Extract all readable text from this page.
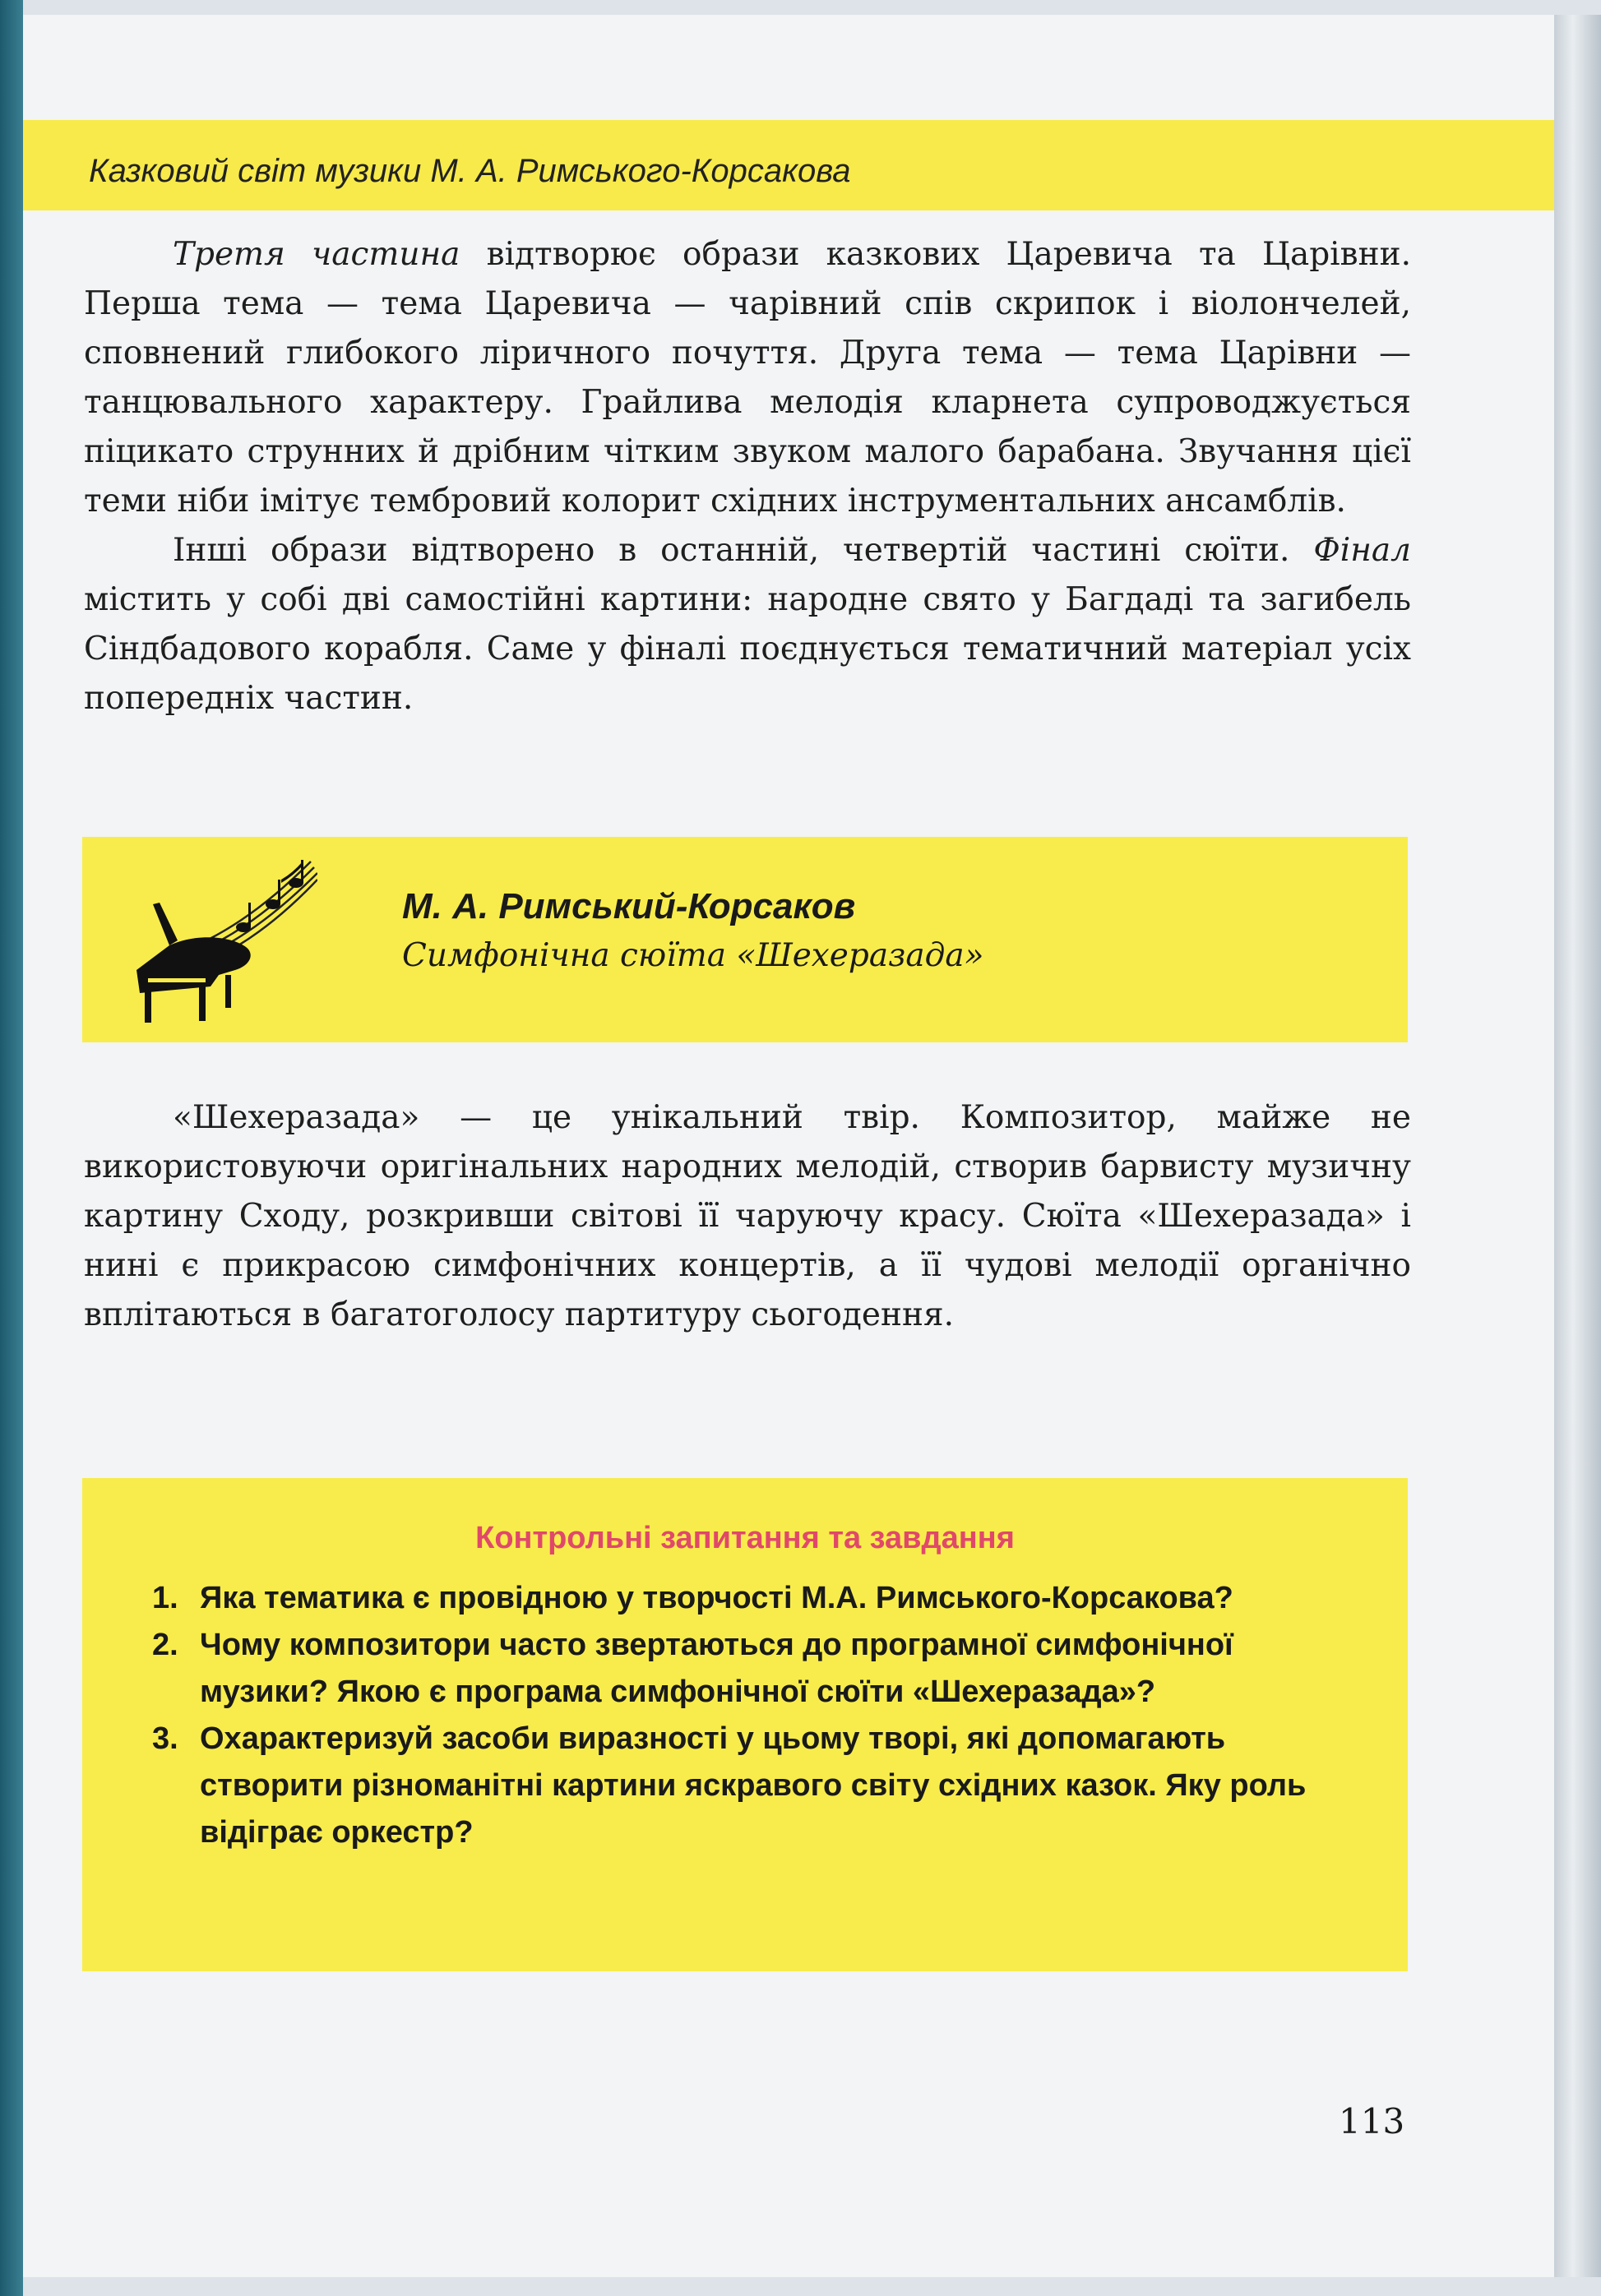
Казковий світ музики М. А. Римського-Корсакова

Третя частина відтворює образи казкових Царевича та Царівни. Перша тема — тема Царевича — чарівний спів скрипок і віолончелей, сповнений глибокого ліричного почуття. Друга тема — тема Царівни — танцювального характеру. Грайлива мелодія кларнета супроводжується піцикато струнних й дрібним чітким звуком малого барабана. Звучання цієї теми ніби імітує тембровий колорит східних інструментальних ансамблів.

Інші образи відтворено в останній, четвертій частині сюїти. Фінал містить у собі дві самостійні картини: народне свято у Багдаді та загибель Сіндбадового корабля. Саме у фіналі поєднується тематичний матеріал усіх попередніх частин.

М. А. Римський-Корсаков
Симфонічна сюїта «Шехеразада»

«Шехеразада» — це унікальний твір. Композитор, майже не використовуючи оригінальних народних мелодій, створив барвисту музичну картину Сходу, розкривши світові її чаруючу красу. Сюїта «Шехеразада» і нині є прикрасою симфонічних концертів, а її чудові мелодії органічно вплітаються в багатоголосу партитуру сьогодення.

Контрольні запитання та завдання
1. Яка тематика є провідною у творчості М.А. Римського-Корсакова?
2. Чому композитори часто звертаються до програмної симфонічної музики? Якою є програма симфонічної сюїти «Шехеразада»?
3. Охарактеризуй засоби виразності у цьому творі, які допомагають створити різноманітні картини яскравого світу східних казок. Яку роль відіграє оркестр?
113
